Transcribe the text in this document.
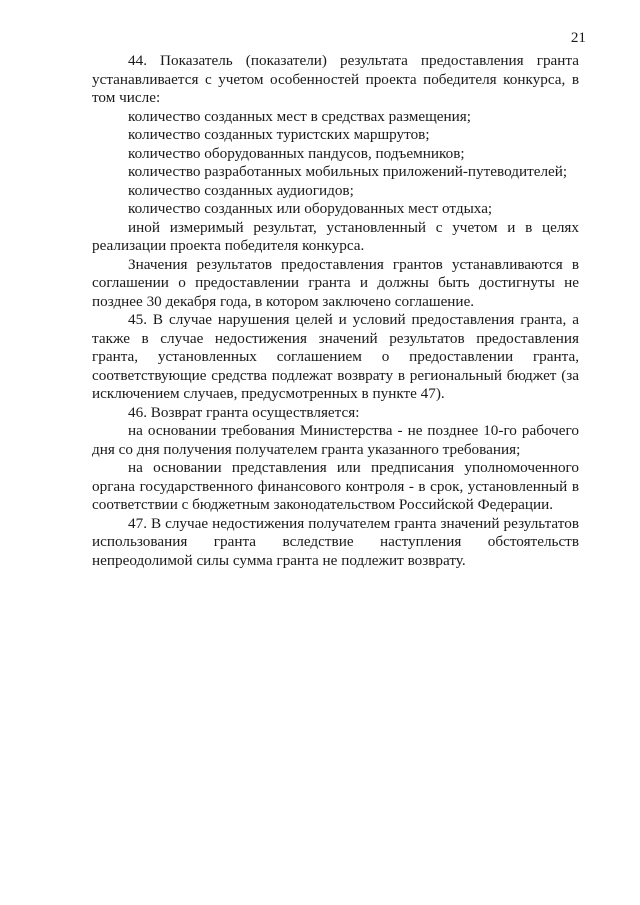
21

44. Показатель (показатели) результата предоставления гранта устанавливается с учетом особенностей проекта победителя конкурса, в том числе:

количество созданных мест в средствах размещения;

количество созданных туристских маршрутов;

количество оборудованных пандусов, подъемников;

количество разработанных мобильных приложений-путеводителей;

количество созданных аудиогидов;

количество созданных или оборудованных мест отдыха;

иной измеримый результат, установленный с учетом и в целях реализации проекта победителя конкурса.

Значения результатов предоставления грантов устанавливаются в соглашении о предоставлении гранта и должны быть достигнуты не позднее 30 декабря года, в котором заключено соглашение.

45. В случае нарушения целей и условий предоставления гранта, а также в случае недостижения значений результатов предоставления гранта, установленных соглашением о предоставлении гранта, соответствующие средства подлежат возврату в региональный бюджет (за исключением случаев, предусмотренных в пункте 47).

46. Возврат гранта осуществляется:

на основании требования Министерства - не позднее 10-го рабочего дня со дня получения получателем гранта указанного требования;

на основании представления или предписания уполномоченного органа государственного финансового контроля - в срок, установленный в соответствии с бюджетным законодательством Российской Федерации.

47. В случае недостижения получателем гранта значений результатов использования гранта вследствие наступления обстоятельств непреодолимой силы сумма гранта не подлежит возврату.
